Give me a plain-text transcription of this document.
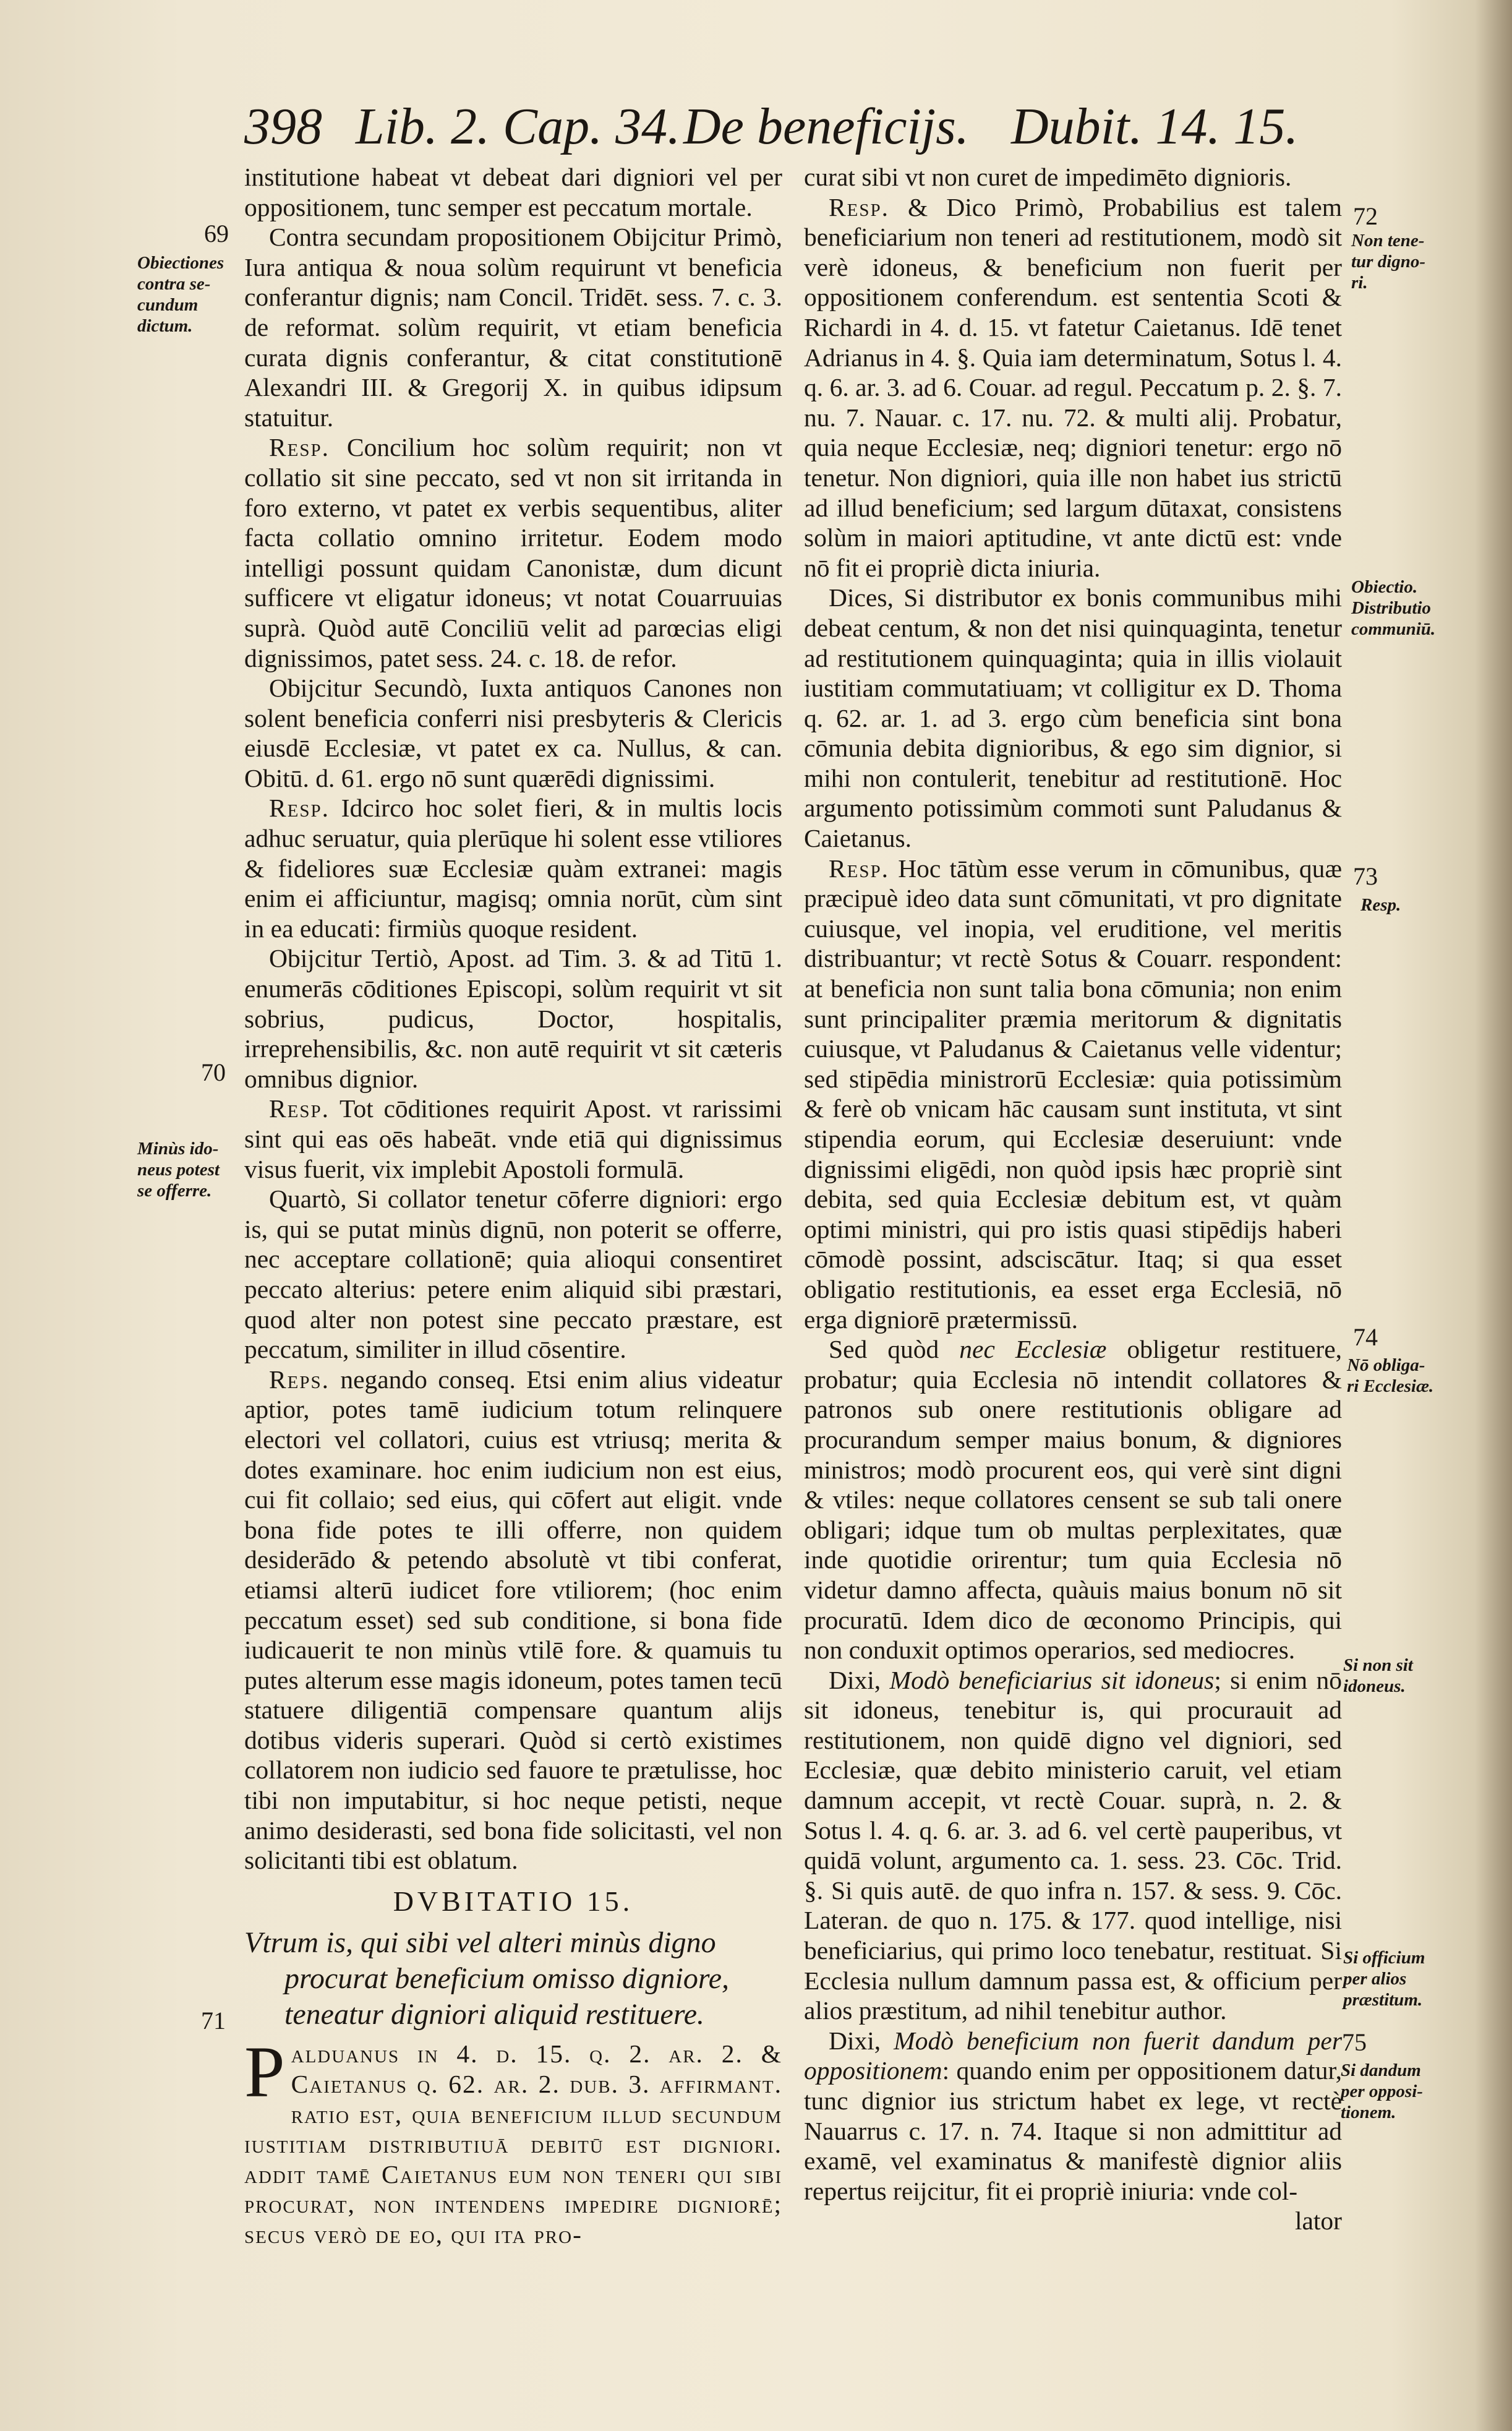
398 Lib. 2. Cap. 34. De beneficijs. Dubit. 14. 15.

institutione habeat vt debeat dari digniori vel per oppositionem, tunc semper est peccatum mortale.

Contra secundam propositionem Obijcitur Primò, Iura antiqua & noua solùm requirunt vt beneficia conferantur dignis; nam Concil. Tridēt. sess. 7. c. 3. de reformat. solùm requirit, vt etiam beneficia curata dignis conferantur, & citat constitutionē Alexandri III. & Gregorij X. in quibus idipsum statuitur.

Resp. Concilium hoc solùm requirit; non vt collatio sit sine peccato, sed vt non sit irritanda in foro externo, vt patet ex verbis sequentibus, aliter facta collatio omnino irritetur. Eodem modo intelligi possunt quidam Canonistæ, dum dicunt sufficere vt eligatur idoneus; vt notat Couarruuias suprà. Quòd autē Conciliū velit ad parœcias eligi dignissimos, patet sess. 24. c. 18. de refor.

Obijcitur Secundò, Iuxta antiquos Canones non solent beneficia conferri nisi presbyteris & Clericis eiusdē Ecclesiæ, vt patet ex ca. Nullus, & can. Obitū. d. 61. ergo nō sunt quærēdi dignissimi.

Resp. Idcirco hoc solet fieri, & in multis locis adhuc seruatur, quia plerūque hi solent esse vtiliores & fideliores suæ Ecclesiæ quàm extranei: magis enim ei afficiuntur, magisq; omnia norūt, cùm sint in ea educati: firmiùs quoque resident.

Obijcitur Tertiò, Apost. ad Tim. 3. & ad Titū 1. enumerās cōditiones Episcopi, solùm requirit vt sit sobrius, pudicus, Doctor, hospitalis, irreprehensibilis, &c. non autē requirit vt sit cæteris omnibus dignior.

Resp. Tot cōditiones requirit Apost. vt rarissimi sint qui eas oēs habeāt. vnde etiā qui dignissimus visus fuerit, vix implebit Apostoli formulā.

Quartò, Si collator tenetur cōferre digniori: ergo is, qui se putat minùs dignū, non poterit se offerre, nec acceptare collationē; quia alioqui consentiret peccato alterius: petere enim aliquid sibi præstari, quod alter non potest sine peccato præstare, est peccatum, similiter in illud cōsentire.

Reps. negando conseq. Etsi enim alius videatur aptior, potes tamē iudicium totum relinquere electori vel collatori, cuius est vtriusq; merita & dotes examinare. hoc enim iudicium non est eius, cui fit collaio; sed eius, qui cōfert aut eligit. vnde bona fide potes te illi offerre, non quidem desiderādo & petendo absolutè vt tibi conferat, etiamsi alterū iudicet fore vtiliorem; (hoc enim peccatum esset) sed sub conditione, si bona fide iudicauerit te non minùs vtilē fore. & quamuis tu putes alterum esse magis idoneum, potes tamen tecū statuere diligentiā compensare quantum alijs dotibus videris superari. Quòd si certò existimes collatorem non iudicio sed fauore te prætulisse, hoc tibi non imputabitur, si hoc neque petisti, neque animo desiderasti, sed bona fide solicitasti, vel non solicitanti tibi est oblatum.

DVBITATIO 15.
Vtrum is, qui sibi vel alteri minùs digno
procurat beneficium omisso digniore,
teneatur digniori aliquid restituere.

Palduanus in 4. d. 15. q. 2. ar. 2. & Caietanus q. 62. ar. 2. dub. 3. affirmant. ratio est, quia beneficium illud secundum iustitiam distributiuā debitū est digniori. addit tamē Caietanus eum non teneri qui sibi procurat, non intendens impedire digniorē; secus verò de eo, qui ita pro-

curat sibi vt non curet de impedimēto dignioris.

Resp. & Dico Primò, Probabilius est talem beneficiarium non teneri ad restitutionem, modò sit verè idoneus, & beneficium non fuerit per oppositionem conferendum. est sententia Scoti & Richardi in 4. d. 15. vt fatetur Caietanus. Idē tenet Adrianus in 4. §. Quia iam determinatum, Sotus l. 4. q. 6. ar. 3. ad 6. Couar. ad regul. Peccatum p. 2. §. 7. nu. 7. Nauar. c. 17. nu. 72. & multi alij. Probatur, quia neque Ecclesiæ, neq; digniori tenetur: ergo nō tenetur. Non digniori, quia ille non habet ius strictū ad illud beneficium; sed largum dūtaxat, consistens solùm in maiori aptitudine, vt ante dictū est: vnde nō fit ei propriè dicta iniuria.

Dices, Si distributor ex bonis communibus mihi debeat centum, & non det nisi quinquaginta, tenetur ad restitutionem quinquaginta; quia in illis violauit iustitiam commutatiuam; vt colligitur ex D. Thoma q. 62. ar. 1. ad 3. ergo cùm beneficia sint bona cōmunia debita dignioribus, & ego sim dignior, si mihi non contulerit, tenebitur ad restitutionē. Hoc argumento potissimùm commoti sunt Paludanus & Caietanus.

Resp. Hoc tātùm esse verum in cōmunibus, quæ præcipuè ideo data sunt cōmunitati, vt pro dignitate cuiusque, vel inopia, vel eruditione, vel meritis distribuantur; vt rectè Sotus & Couarr. respondent: at beneficia non sunt talia bona cōmunia; non enim sunt principaliter præmia meritorum & dignitatis cuiusque, vt Paludanus & Caietanus velle videntur; sed stipēdia ministrorū Ecclesiæ: quia potissimùm & ferè ob vnicam hāc causam sunt instituta, vt sint stipendia eorum, qui Ecclesiæ deseruiunt: vnde dignissimi eligēdi, non quòd ipsis hæc propriè sint debita, sed quia Ecclesiæ debitum est, vt quàm optimi ministri, qui pro istis quasi stipēdijs haberi cōmodè possint, adsciscātur. Itaq; si qua esset obligatio restitutionis, ea esset erga Ecclesiā, nō erga digniorē prætermissū.

Sed quòd nec Ecclesiæ obligetur restituere, probatur; quia Ecclesia nō intendit collatores & patronos sub onere restitutionis obligare ad procurandum semper maius bonum, & digniores ministros; modò procurent eos, qui verè sint digni & vtiles: neque collatores censent se sub tali onere obligari; idque tum ob multas perplexitates, quæ inde quotidie orirentur; tum quia Ecclesia nō videtur damno affecta, quàuis maius bonum nō sit procuratū. Idem dico de œconomo Principis, qui non conduxit optimos operarios, sed mediocres.

Dixi, Modò beneficiarius sit idoneus; si enim nō sit idoneus, tenebitur is, qui procurauit ad restitutionem, non quidē digno vel digniori, sed Ecclesiæ, quæ debito ministerio caruit, vel etiam damnum accepit, vt rectè Couar. suprà, n. 2. & Sotus l. 4. q. 6. ar. 3. ad 6. vel certè pauperibus, vt quidā volunt, argumento ca. 1. sess. 23. Cōc. Trid. §. Si quis autē. de quo infra n. 157. & sess. 9. Cōc. Lateran. de quo n. 175. & 177. quod intellige, nisi beneficiarius, qui primo loco tenebatur, restituat. Si Ecclesia nullum damnum passa est, & officium per alios præstitum, ad nihil tenebitur author.

Dixi, Modò beneficium non fuerit dandum per oppositionem: quando enim per oppositionem datur, tunc dignior ius strictum habet ex lege, vt rectè Nauarrus c. 17. n. 74. Itaque si non admittitur ad examē, vel examinatus & manifestè dignior aliis repertus reijcitur, fit ei propriè iniuria: vnde col-

lator

69
Obiectiones
contra se-
cundum
dictum.
70
Minùs ido-
neus potest
se offerre.
71
72
Non tene-
tur digno-
ri.
Obiectio.
Distributio
communiū.
73
Resp.
74
Nō obliga-
ri Ecclesiæ.
Si non sit
idoneus.
Si officium
per alios
præstitum.
75
Si dandum
per opposi-
tionem.
